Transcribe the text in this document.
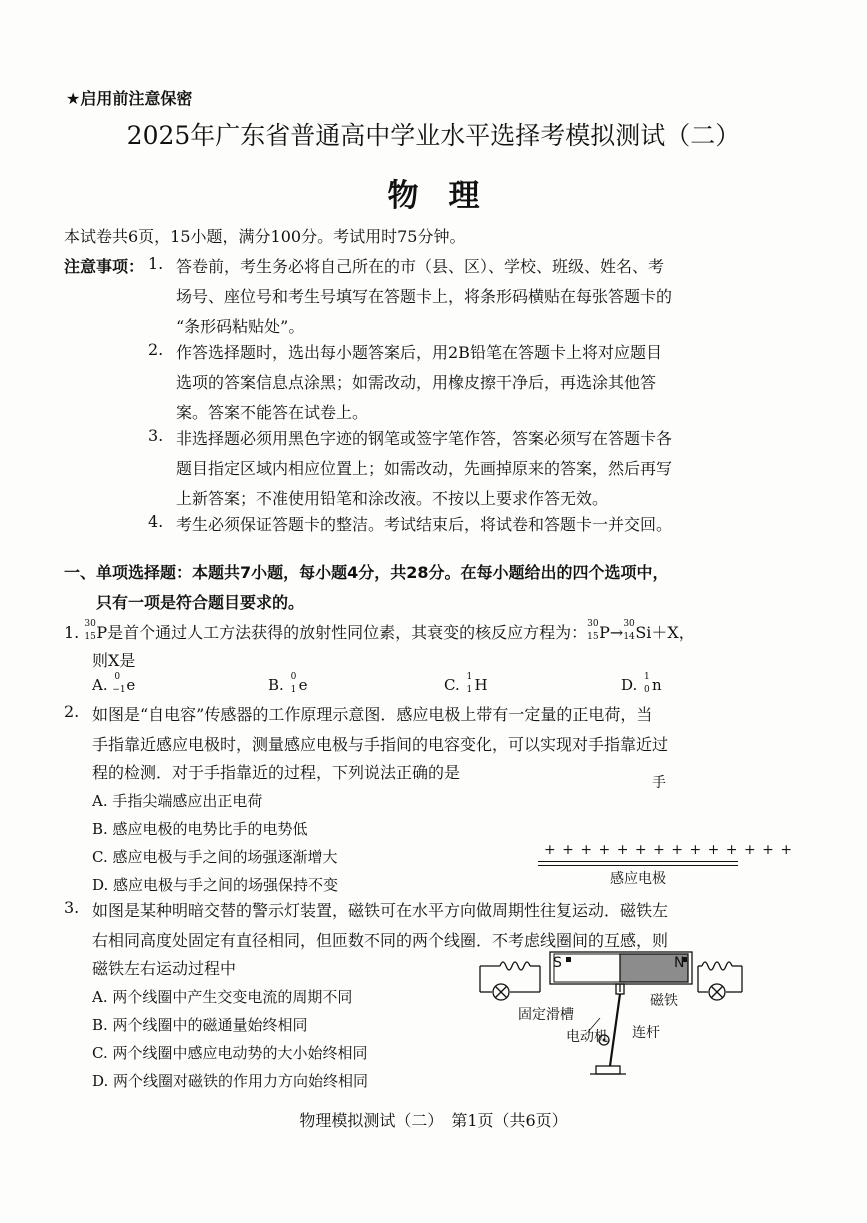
★启用前注意保密
2025年广东省普通高中学业水平选择考模拟测试（二）
物理
本试卷共6页，15小题，满分100分。考试用时75分钟。
注意事项： 1. 答卷前，考生务必将自己所在的市（县、区）、学校、班级、姓名、考
场号、座位号和考生号填写在答题卡上，将条形码横贴在每张答题卡的
“条形码粘贴处”。
2. 作答选择题时，选出每小题答案后，用2B铅笔在答题卡上将对应题目
选项的答案信息点涂黑；如需改动，用橡皮擦干净后，再选涂其他答
案。答案不能答在试卷上。
3. 非选择题必须用黑色字迹的钢笔或签字笔作答，答案必须写在答题卡各
题目指定区域内相应位置上；如需改动，先画掉原来的答案，然后再写
上新答案；不准使用铅笔和涂改液。不按以上要求作答无效。
4. 考生必须保证答题卡的整洁。考试结束后，将试卷和答题卡一并交回。
一、单项选择题：本题共7小题，每小题4分，共28分。在每小题给出的四个选项中，
只有一项是符合题目要求的。
1. 30
15 P是首个通过人工方法获得的放射性同位素，其衰变的核反应方程为： 30
15 P→ 30
14 Si＋X，
则X是
A. 0
−1 e	B. 0
1 e	C. 1
1 H	D. 1
0 n
2. 如图是“自电容”传感器的工作原理示意图．感应电极上带有一定量的正电荷，当
手指靠近感应电极时，测量感应电极与手指间的电容变化，可以实现对手指靠近过
程的检测．对于手指靠近的过程，下列说法正确的是
A. 手指尖端感应出正电荷
B. 感应电极的电势比手的电势低
C. 感应电极与手之间的场强逐渐增大
D. 感应电极与手之间的场强保持不变
手
+ + + + + + + + + + + + + +
感应电极
3. 如图是某种明暗交替的警示灯装置，磁铁可在水平方向做周期性往复运动．磁铁左
右相同高度处固定有直径相同，但匝数不同的两个线圈．不考虑线圈间的互感，则
磁铁左右运动过程中
A. 两个线圈中产生交变电流的周期不同
B. 两个线圈中的磁通量始终相同
C. 两个线圈中感应电动势的大小始终相同
D. 两个线圈对磁铁的作用力方向始终相同
S	N
磁铁
固定滑槽
电动机 连杆
物理模拟测试（二）　第1页（共6页）
